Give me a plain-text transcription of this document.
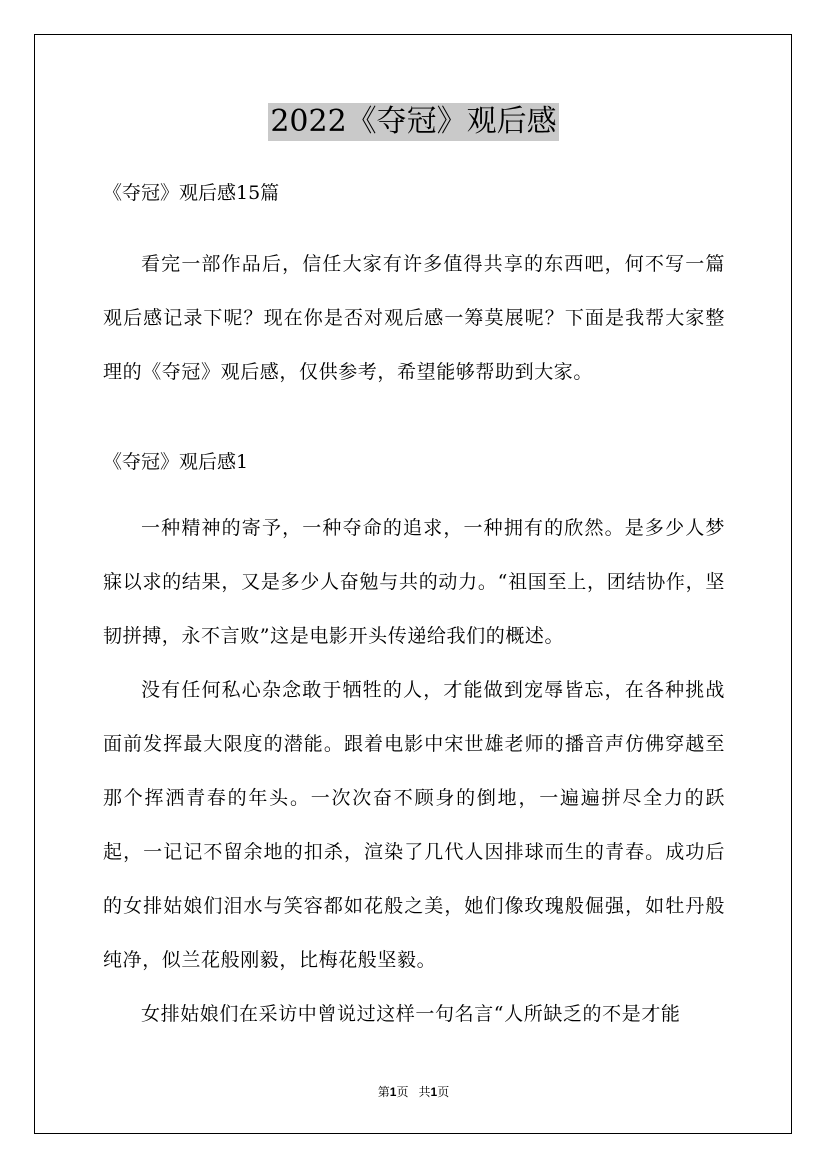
2022《夺冠》观后感

《夺冠》观后感15篇

看完一部作品后，信任大家有许多值得共享的东西吧，何不写一篇观后感记录下呢？现在你是否对观后感一筹莫展呢？下面是我帮大家整理的《夺冠》观后感，仅供参考，希望能够帮助到大家。

《夺冠》观后感1

一种精神的寄予，一种夺命的追求，一种拥有的欣然。是多少人梦寐以求的结果，又是多少人奋勉与共的动力。“祖国至上，团结协作，坚韧拼搏，永不言败”这是电影开头传递给我们的概述。

没有任何私心杂念敢于牺牲的人，才能做到宠辱皆忘，在各种挑战面前发挥最大限度的潜能。跟着电影中宋世雄老师的播音声仿佛穿越至那个挥洒青春的年头。一次次奋不顾身的倒地，一遍遍拼尽全力的跃起，一记记不留余地的扣杀，渲染了几代人因排球而生的青春。成功后的女排姑娘们泪水与笑容都如花般之美，她们像玫瑰般倔强，如牡丹般纯净，似兰花般刚毅，比梅花般坚毅。

女排姑娘们在采访中曾说过这样一句名言“人所缺乏的不是才能

第1页 共1页
